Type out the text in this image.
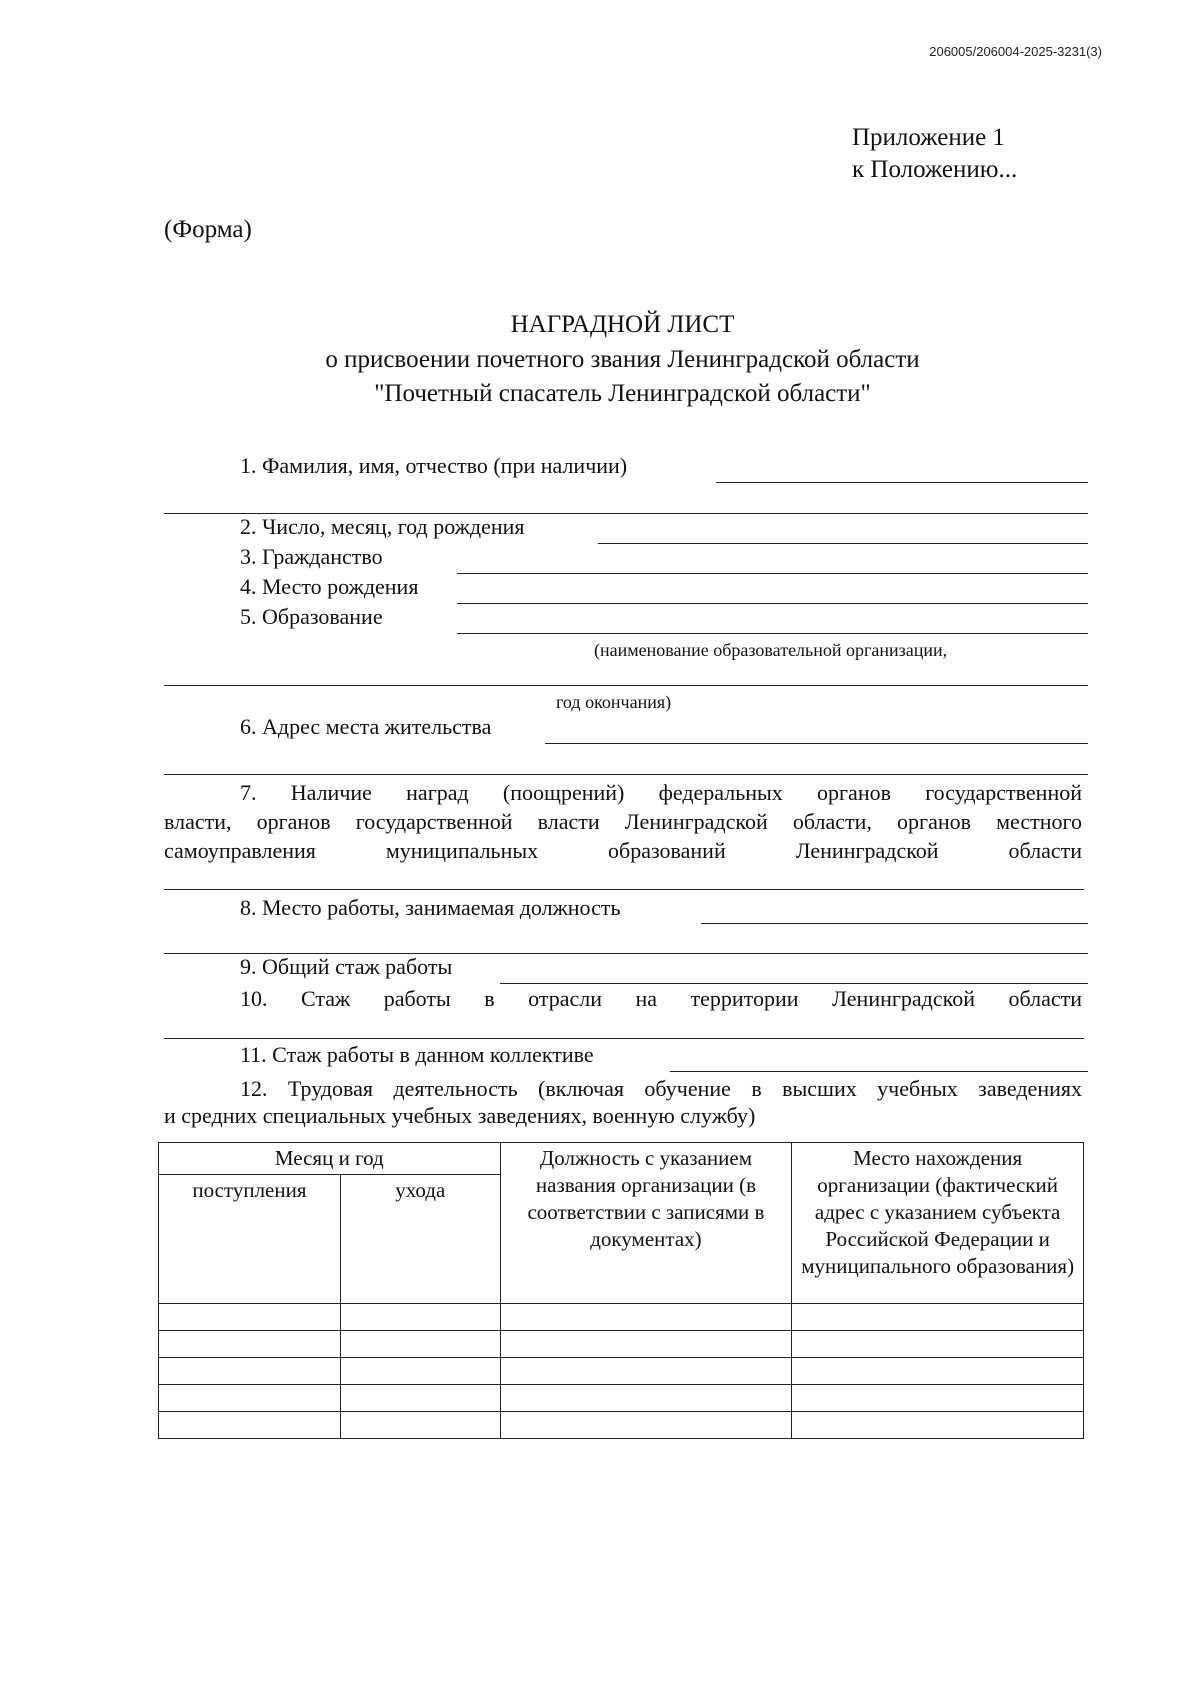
206005/206004-2025-3231(3)
Приложение 1
к Положению...
(Форма)
НАГРАДНОЙ ЛИСТ
о присвоении почетного звания Ленинградской области
"Почетный спасатель Ленинградской области"
1. Фамилия, имя, отчество (при наличии)
2. Число, месяц, год рождения
3. Гражданство
4. Место рождения
5. Образование
(наименование образовательной организации,
год окончания)
6. Адрес места жительства
7. Наличие наград (поощрений) федеральных органов государственной
власти, органов государственной власти Ленинградской области, органов местного
самоуправления муниципальных образований Ленинградской области
8. Место работы, занимаемая должность
9. Общий стаж работы
10. Стаж работы в отрасли на территории Ленинградской области
11. Стаж работы в данном коллективе
12. Трудовая деятельность (включая обучение в высших учебных заведениях
и средних специальных учебных заведениях, военную службу)
Месяц и год		Должность с указанием названия организации (в соответствии с записями в документах)	Место нахождения организации (фактический адрес с указанием субъекта Российской Федерации и муниципального образования)
поступления	ухода		
